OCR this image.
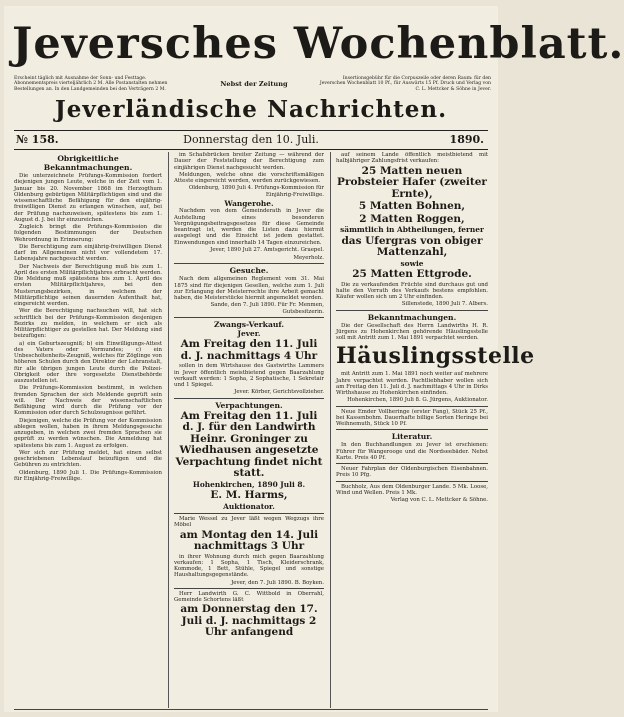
Jeversches Wochenblatt.
Erscheint täglich mit Ausnahme der Sonn- und Festtage. Abonnementspreis vierteljährlich 2 M. Alle Postanstalten nehmen Bestellungen an. In den Landgemeinden bei den Verträgern 2 M.
Nebst der Zeitung
Insertionsgebühr für die Corpuszeile oder deren Raum: für den Jeverschen Wochenblatt 10 Pf., für Auswärts 15 Pf. Druck und Verlag von C. L. Mettcker & Söhne in Jever.
Jeverländische Nachrichten.
№ 158.	Donnerstag den 10. Juli.	1890.
Obrigkeitliche Bekanntmachungen.

Die unterzeichnete Prüfungs-Kommission fordert diejenigen jungen Leute, welche in der Zeit vom 1. Januar bis 20. November 1868 im Herzogthum Oldenburg gebürtigen Militärpflichtigen sind und die wissenschaftliche Befähigung für den einjährig-freiwilligen Dienst zu erlangen wünschen, auf, bei der Prüfung nachzuweisen, spätestens bis zum 1. August d. J. bei ihr einzureichen.

Zugleich bringt die Prüfungs-Kommission die folgenden Bestimmungen der Deutschen Wehrordnung in Erinnerung:

Die Berechtigung zum einjährig-freiwilligen Dienst darf im Allgemeinen nicht vor vollendetem 17. Lebensjahre nachgesucht werden.

Der Nachweis der Berechtigung muß bis zum 1. April des ersten Militärpflichtjahres erbracht werden. Die Meldung muß spätestens bis zum 1. April des ersten Militärpflichtjahres, bei den Musterungsbezirken, in welchem der Militärpflichtige seinen dauernden Aufenthalt hat, eingereicht werden.

Wer die Berechtigung nachsuchen will, hat sich schriftlich bei der Prüfungs-Kommission desjenigen Bezirks zu melden, in welchem er sich als Militärpflichtiger zu gestellen hat. Der Meldung sind beizufügen:

a) ein Geburtszeugniß; b) ein Einwilligungs-Attest des Vaters oder Vormundes; c) ein Unbescholtenheits-Zeugniß, welches für Zöglinge von höheren Schulen durch den Direktor der Lehranstalt, für alle übrigen jungen Leute durch die Polizei-Obrigkeit oder ihre vorgesetzte Dienstbehörde auszustellen ist.

Die Prüfungs-Kommission bestimmt, in welchen fremden Sprachen der sich Meldende geprüft sein will. Der Nachweis der wissenschaftlichen Befähigung wird durch die Prüfung vor der Kommission oder durch Schulzeugnisse geführt.

Diejenigen, welche die Prüfung vor der Kommission ablegen wollen, haben in ihrem Meldungsgesuche anzugeben, in welchen zwei fremden Sprachen sie geprüft zu werden wünschen. Die Anmeldung hat spätestens bis zum 1. August zu erfolgen.

Wer sich zur Prüfung meldet, hat einen selbst geschriebenen Lebenslauf beizufügen und die Gebühren zu entrichten.

Oldenburg, 1890 Juli 1. Die Prüfungs-Kommission für Einjährig-Freiwillige.

im Schafsbrücken breiter Zeitung — während der Dauer der Feststellung der Berechtigung zum einjährigen Dienst nachgesucht werden.

Meldungen, welche ohne die vorschriftsmäßigen Atteste eingereicht werden, werden zurückgewiesen.

Oldenburg, 1890 Juli 4. Prüfungs-Kommission für Einjährig-Freiwillige.
Wangerohe.

Nachdem von dem Gemeinderath in Jever die Aufstellung eines besonderen Vergnügungsbeitragsgesetzes für diese Gemeinde beantragt ist, werden die Listen dazu hiermit ausgelegt und die Einsicht ist jedem gestattet. Einwendungen sind innerhalb 14 Tagen einzureichen.

Jever, 1890 Juli 27. Amtsgericht. Graepel.
Meyerholz.
Gesuche.

Nach dem allgemeinen Reglement vom 31. Mai 1875 sind für diejenigen Gesellen, welche zum 1. Juli zur Erlangung der Meisterrechte ihre Arbeit gemacht haben, die Meisterstücke hiermit angemeldet worden.

Sande, den 7. Juli 1890. Für Fr. Menmen, Gutsbesitzerin.
Zwangs-Verkauf.
Jever.
Am Freitag den 11. Juli d. J. nachmittags 4 Uhr

sollen in dem Wirtshause des Gastwirths Lammers in Jever öffentlich meistbietend gegen Baarzahlung verkauft werden: 1 Sopha, 2 Sophatische, 1 Sekretair und 1 Spiegel.

Jever. Körber, Gerichtsvollzieher.
Verpachtungen.
Am Freitag den 11. Juli d. J. für den Landwirth Heinr. Groninger zu Wiedhausen angesetzte Verpachtung findet nicht statt.
Hohenkirchen, 1890 Juli 8.
E. M. Harms,
Auktionator.

Marie Wessel zu Jever läßt wegen Wegzugs ihre Möbel

am Montag den 14. Juli nachmittags 3 Uhr

in ihrer Wohnung durch mich gegen Baarzahlung verkaufen: 1 Sopha, 1 Tisch, Kleiderschrank, Kommode, 1 Bett, Stühle, Spiegel und sonstige Haushaltungsgegenstände.

Jever, den 7. Juli 1890. B. Boyken.

Herr Landwirth G. C. Wittbold in Oberrahl, Gemeinde Schortens läßt

am Donnerstag den 17. Juli d. J. nachmittags 2 Uhr anfangend

auf seinem Lande öffentlich meistbietend mit halbjähriger Zahlungsfrist verkaufen:

25 Matten neuen Probsteier Hafer (zweiter Ernte),
5 Matten Bohnen,
2 Matten Roggen,
sämmtlich in Abtheilungen, ferner
das Ufergras von obiger Mattenzahl,
sowie
25 Matten Ettgrode.

Die zu verkaufenden Früchte sind durchaus gut und halte den Vorrath des Verkaufs bestens empfohlen. Käufer wollen sich um 2 Uhr einfinden.

Sillenstede, 1890 Juli 7. Albers.
Bekanntmachungen.

Die der Gesellschaft des Herrn Landwirths H. R. Jürgens zu Hohenkirchen gehörende Häuslingsstelle soll mit Antritt zum 1. Mai 1891 verpachtet werden.

Häuslingsstelle

mit Antritt zum 1. Mai 1891 noch weiter auf mehrere Jahre verpachtet werden. Pachtliebhaber wollen sich am Freitag den 11. Juli d. J. nachmittags 4 Uhr in Dirks Wirthshause zu Hohenkirchen einfinden.

Hohenkirchen, 1890 Juli 8. G. Jürgens, Auktionator.

Neue Emder Vollheringe (erster Fang), Stück 25 Pf., bei Kassenbohm. Dauerhafte billige Sorten Heringe bei Weihnemuth, Stück 10 Pf.

Literatur.

In den Buchhandlungen zu Jever ist erschienen: Führer für Wangerooge und die Nordseebäder. Nebst Karte. Preis 40 Pf.

Neuer Fahrplan der Oldenburgischen Eisenbahnen. Preis 10 Pfg.

Buchholz, Aus dem Oldenburger Lande. 5 Mk. Loose, Wind und Wellen. Preis 1 Mk.

Verlag von C. L. Mettcker & Söhne.
